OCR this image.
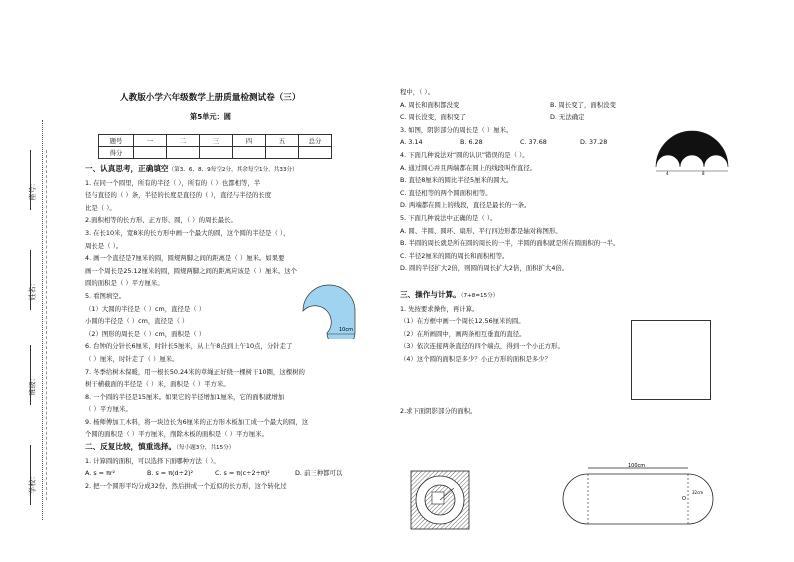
座号：
姓名：
班级：
学校：
人教版小学六年级数学上册质量检测试卷（三）
第5单元：圆
题号	一	二	三	四	五	总分
得分						
一、认真思考，正确填空（第3、6、8、9每空2分，其余每空1分，共33分）
1. 在同一个圆里，所有的半径（ ），所有的（ ）也都相等，半
径与直径的（ ）条，半径的长度是直径的（ ），直径与半径的长度
比是（ ）。
2.面积相等的长方形、正方形、圆，（ ）的周长最长。
3. 在长10米，宽8米的长方形中画一个最大的圆，这个圆的半径是（ ），
周长是（ ）。
4. 画一个直径是7厘米的圆，圆规两脚之间的距离是（ ）厘米。如果要
画一个周长是25.12厘米的圆，圆规两脚之间的距离应该是（ ）厘米。这个
圆的面积是（ ）平方厘米。
5. 看图填空。
（1）大圆的半径是（ ）cm，直径是（ ）
小圆的半径是（ ）cm，直径是（ ）
（2）图形的周长是（ ）cm，面积是（ ）
6. 台钟的分针长6厘米，时针长5厘米，从上午8点到上午10点，分针走了
（ ）厘米，时针走了（ ）厘米。
7. 冬季给树木保暖，用一根长50.24米的草绳正好绕一棵树干10圈，这棵树的
树干横截面的半径是（ ）米，面积是（ ）平方米。
8. 一个圆的半径是15厘米。如果它的半径增加1厘米，它的面积就增加
（ ）平方厘米。
9. 杨师傅加工木料，将一块边长为6厘米的正方形木板加工成一个最大的圆，这
个圆的面积是（ ）平方厘米，削除木板的面积是（ ）平方厘米。
二、反复比较，慎重选择。（每小题3分，共15分）
1. 计算圆的面积，可以选择下面哪种方法（ ）。
A. s = πr²	B. s = π(d÷2)²	C. s = π(c÷2÷π)²	D. 前三种都可以
2. 把一个圆形平均分成32份，然后拼成一个近似的长方形，这个转化过
10cm
程中，（ ）。
A. 周长和面积都没变	B. 周长变了，面积没变
C. 周长没变，面积变了	D. 无法确定
3. 如图，阴影部分的周长是（ ）厘米。
A. 3.14	B. 6.28	C. 37.68	D. 37.28
4. 下面几种说法对“圆的认识”错误的是（ ）。
A. 通过圆心并且两端都在圆上的线段叫作直径。
B. 直径8厘米的圆比半径5厘米的圆大。
C. 直径相等的两个圆面积相等。
D. 两端都在圆上的线段，直径是最长的一条。
5. 下面几种说法中正确的是（ ）。
A. 圆、半圆、圆环、扇形、平行四边形都是轴对称图形。
B. 半圆的周长就是所在圆的周长的一半，半圆的面积就是所在圆面积的一半。
C. 半径2厘米的圆的周长和面积相等。
D. 圆的半径扩大2倍，则圆的周长扩大2倍，面积扩大4倍。
三、操作与计算。（7+8=15分）
1. 先按要求操作，再计算。
（1）在方框中画一个周长12.56厘米的圆。
（2）在所画圆中，画两条相互垂直的直径。
（3）依次连接两条直径的四个端点，得到一个小正方形。
（4）这个圆的面积是多少？小正方形的面积是多少？
2.求下面阴影部分的面积。
4	8
100cm
O
32cm
